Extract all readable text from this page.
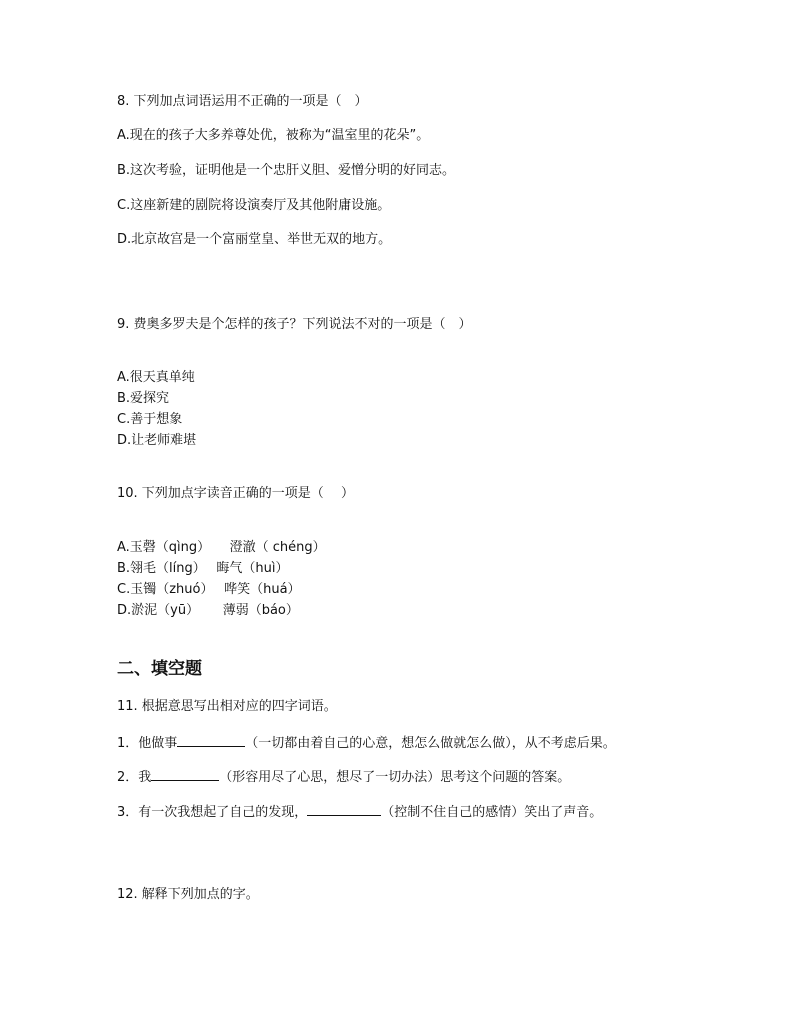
8. 下列加点词语运用不正确的一项是（　）
A.现在的孩子大多养尊处优，被称为“温室里的花朵”。
B.这次考验，证明他是一个忠肝义胆、爱憎分明的好同志。
C.这座新建的剧院将设演奏厅及其他附庸设施。
D.北京故宫是一个富丽堂皇、举世无双的地方。
9. 费奥多罗夫是个怎样的孩子？下列说法不对的一项是（　）
A.很天真单纯
B.爱探究
C.善于想象
D.让老师难堪
10. 下列加点字读音正确的一项是（　 ）
A.玉磬（qìng）　　澄澈（ chéng）
B.翎毛（líng）　 晦气（huì）
C.玉镯（zhuó）　 哗笑（huá）
D.淤泥（yū）　　 薄弱（báo）
二、填空题
11. 根据意思写出相对应的四字词语。
1．他做事	（一切都由着自己的心意，想怎么做就怎么做），从不考虑后果。
2．我	（形容用尽了心思，想尽了一切办法）思考这个问题的答案。
3．有一次我想起了自己的发现，	（控制不住自己的感情）笑出了声音。
12. 解释下列加点的字。
